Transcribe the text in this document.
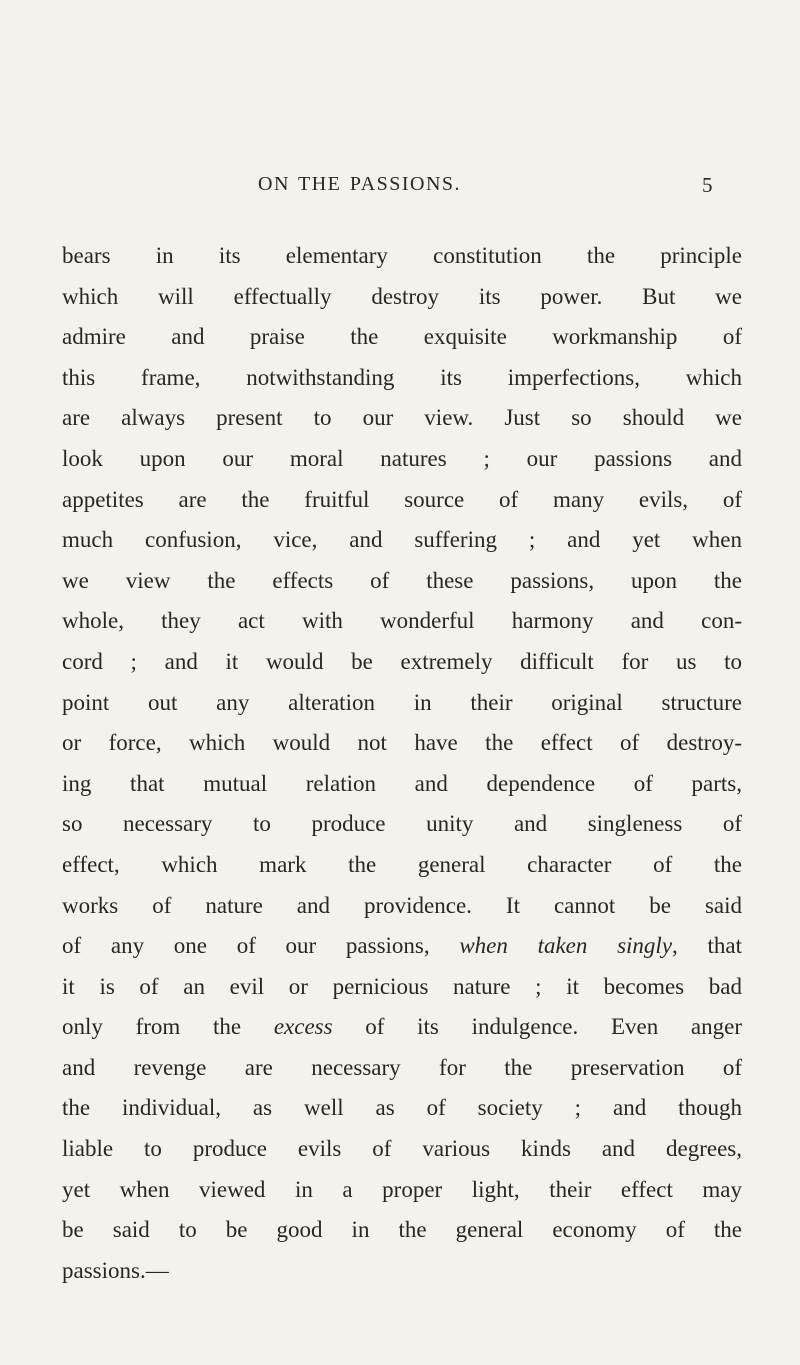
ON THE PASSIONS.	5
bears in its elementary constitution the principle
which will effectually destroy its power. But we
admire and praise the exquisite workmanship of
this frame, notwithstanding its imperfections, which
are always present to our view. Just so should we
look upon our moral natures ; our passions and
appetites are the fruitful source of many evils, of
much confusion, vice, and suffering ; and yet when
we view the effects of these passions, upon the
whole, they act with wonderful harmony and con-
cord ; and it would be extremely difficult for us to
point out any alteration in their original structure
or force, which would not have the effect of destroy-
ing that mutual relation and dependence of parts,
so necessary to produce unity and singleness of
effect, which mark the general character of the
works of nature and providence. It cannot be said
of any one of our passions, when taken singly, that
it is of an evil or pernicious nature ; it becomes bad
only from the excess of its indulgence. Even anger
and revenge are necessary for the preservation of
the individual, as well as of society ; and though
liable to produce evils of various kinds and degrees,
yet when viewed in a proper light, their effect may
be said to be good in the general economy of the
passions.—
